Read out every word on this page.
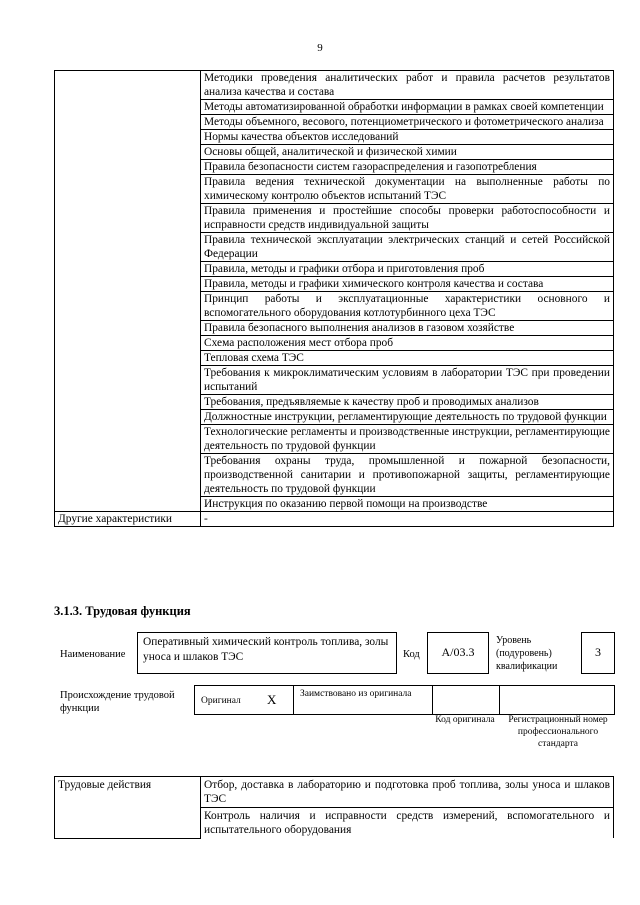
9
	Методики проведения аналитических работ и правила расчетов результатов анализа качества и состава
	Методы автоматизированной обработки информации в рамках своей компетенции
	Методы объемного, весового, потенциометрического и фотометрического анализа
	Нормы качества объектов исследований
	Основы общей, аналитической и физической химии
	Правила безопасности систем газораспределения и газопотребления
	Правила ведения технической документации на выполненные работы по химическому контролю объектов испытаний ТЭС
	Правила применения и простейшие способы проверки работоспособности и исправности средств индивидуальной защиты
	Правила технической эксплуатации электрических станций и сетей Российской Федерации
	Правила, методы и графики отбора и приготовления проб
	Правила, методы и графики химического контроля качества и состава
	Принцип работы и эксплуатационные характеристики основного и вспомогательного оборудования котлотурбинного цеха ТЭС
	Правила безопасного выполнения анализов в газовом хозяйстве
	Схема расположения мест отбора проб
	Тепловая схема ТЭС
	Требования к микроклиматическим условиям в лаборатории ТЭС при проведении испытаний
	Требования, предъявляемые к качеству проб и проводимых анализов
	Должностные инструкции, регламентирующие деятельность по трудовой функции
	Технологические регламенты и производственные инструкции, регламентирующие деятельность по трудовой функции
	Требования охраны труда, промышленной и пожарной безопасности, производственной санитарии и противопожарной защиты, регламентирующие деятельность по трудовой функции
	Инструкция по оказанию первой помощи на производстве
Другие характеристики	-
3.1.3. Трудовая функция
Наименование
Оперативный химический контроль топлива, золы уноса и шлаков ТЭС	Код	A/03.3
Уровень (подуровень) квалификации
3
Происхождение трудовой функции
Оригинал X Заимствовано из оригинала
Код оригинала	Регистрационный номер профессионального стандарта
Трудовые действия	Отбор, доставка в лабораторию и подготовка проб топлива, золы уноса и шлаков ТЭС
Контроль наличия и исправности средств измерений, вспомогательного и испытательного оборудования
